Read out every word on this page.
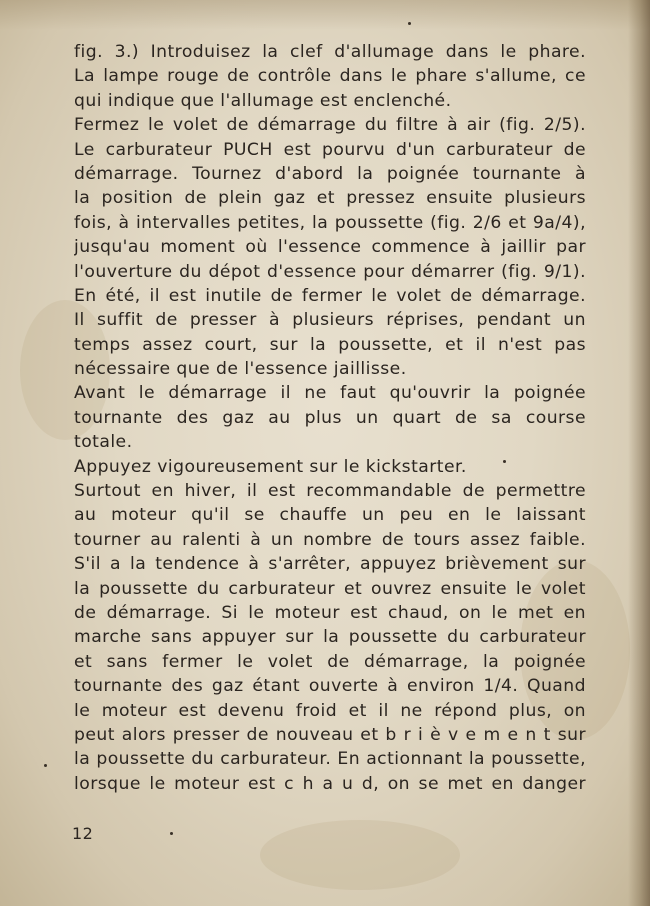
fig. 3.) Introduisez la clef d'allumage dans le phare.
La lampe rouge de contrôle dans le phare s'allume, ce
qui indique que l'allumage est enclenché.
Fermez le volet de démarrage du filtre à air (fig. 2/5).
Le carburateur PUCH est pourvu d'un carburateur de
démarrage. Tournez d'abord la poignée tournante à
la position de plein gaz et pressez ensuite plusieurs
fois, à intervalles petites, la poussette (fig. 2/6 et 9a/4),
jusqu'au moment où l'essence commence à jaillir par
l'ouverture du dépot d'essence pour démarrer (fig. 9/1).
En été, il est inutile de fermer le volet de démarrage.
Il suffit de presser à plusieurs réprises, pendant un
temps assez court, sur la poussette, et il n'est pas
nécessaire que de l'essence jaillisse.
Avant le démarrage il ne faut qu'ouvrir la poignée
tournante des gaz au plus un quart de sa course
totale.
Appuyez vigoureusement sur le kickstarter.
Surtout en hiver, il est recommandable de permettre
au moteur qu'il se chauffe un peu en le laissant
tourner au ralenti à un nombre de tours assez faible.
S'il a la tendence à s'arrêter, appuyez brièvement sur
la poussette du carburateur et ouvrez ensuite le volet
de démarrage. Si le moteur est chaud, on le met en
marche sans appuyer sur la poussette du carburateur
et sans fermer le volet de démarrage, la poignée
tournante des gaz étant ouverte à environ 1/4. Quand
le moteur est devenu froid et il ne répond plus, on
peut alors presser de nouveau et b r i è v e m e n t sur
la poussette du carburateur. En actionnant la poussette,
lorsque le moteur est c h a u d, on se met en danger
12
